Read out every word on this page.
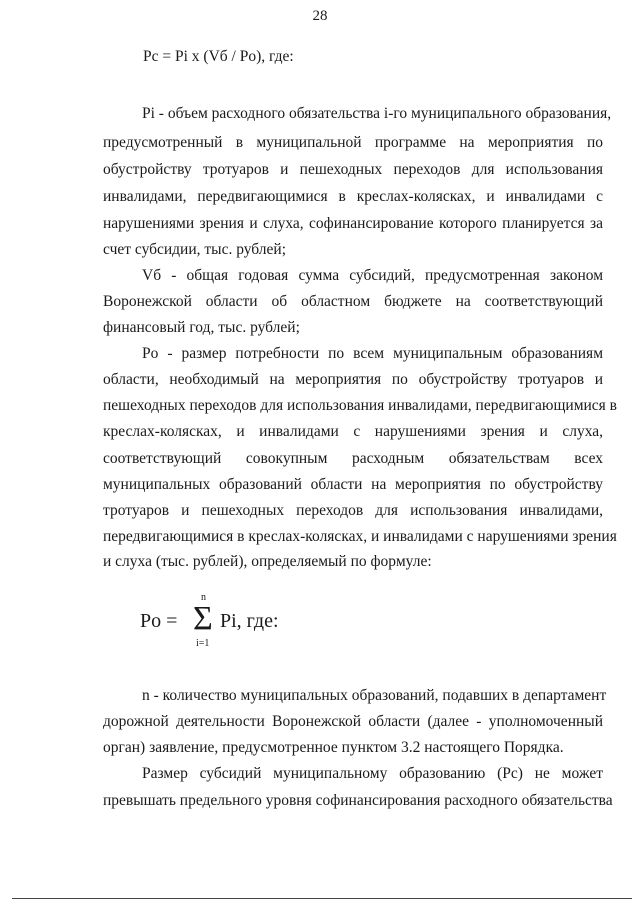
28
Pc = Pi х (Vб / Pо), где:
Pi - объем расходного обязательства i-го муниципального образования,
предусмотренный в муниципальной программе на мероприятия по
обустройству тротуаров и пешеходных переходов для использования
инвалидами, передвигающимися в креслах-колясках, и инвалидами с
нарушениями зрения и слуха, софинансирование которого планируется за
счет субсидии, тыс. рублей;
Vб - общая годовая сумма субсидий, предусмотренная законом
Воронежской области об областном бюджете на соответствующий
финансовый год, тыс. рублей;
Pо - размер потребности по всем муниципальным образованиям
области, необходимый на мероприятия по обустройству тротуаров и
пешеходных переходов для использования инвалидами, передвигающимися в
креслах-колясках, и инвалидами с нарушениями зрения и слуха,
соответствующий совокупным расходным обязательствам всех
муниципальных образований области на мероприятия по обустройству
тротуаров и пешеходных переходов для использования инвалидами,
передвигающимися в креслах-колясках, и инвалидами с нарушениями зрения
и слуха (тыс. рублей), определяемый по формуле:
Pо =
n
Σ
i=1
Pi, где:
n - количество муниципальных образований, подавших в департамент
дорожной деятельности Воронежской области (далее - уполномоченный
орган) заявление, предусмотренное пунктом 3.2 настоящего Порядка.
Размер субсидий муниципальному образованию (Pс) не может
превышать предельного уровня софинансирования расходного обязательства
